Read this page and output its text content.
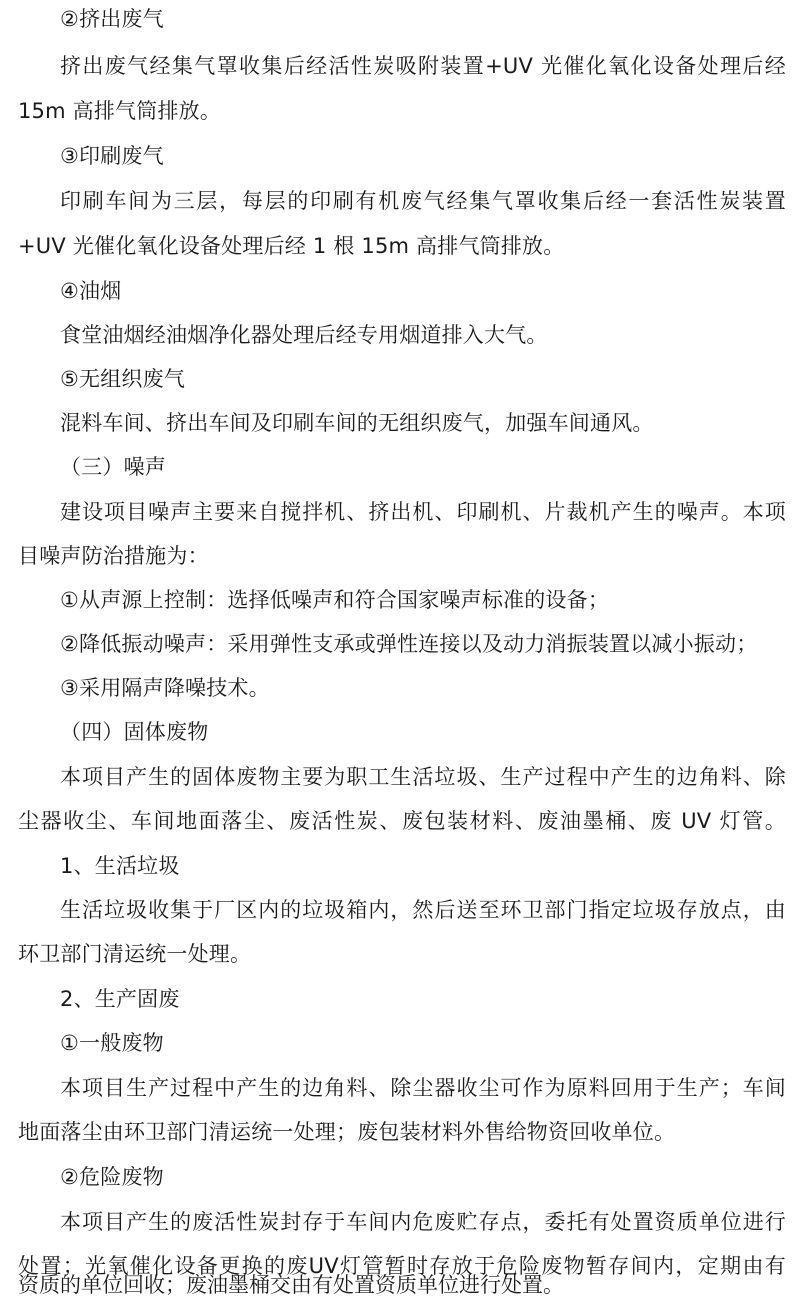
②挤出废气
挤出废气经集气罩收集后经活性炭吸附装置+UV 光催化氧化设备处理后经
15m 高排气筒排放。
③印刷废气
印刷车间为三层，每层的印刷有机废气经集气罩收集后经一套活性炭装置
+UV 光催化氧化设备处理后经 1 根 15m 高排气筒排放。
④油烟
食堂油烟经油烟净化器处理后经专用烟道排入大气。
⑤无组织废气
混料车间、挤出车间及印刷车间的无组织废气，加强车间通风。
（三）噪声
建设项目噪声主要来自搅拌机、挤出机、印刷机、片裁机产生的噪声。本项
目噪声防治措施为：
①从声源上控制：选择低噪声和符合国家噪声标准的设备；
②降低振动噪声：采用弹性支承或弹性连接以及动力消振装置以减小振动；
③采用隔声降噪技术。
（四）固体废物
本项目产生的固体废物主要为职工生活垃圾、生产过程中产生的边角料、除
尘器收尘、车间地面落尘、废活性炭、废包装材料、废油墨桶、废 UV 灯管。
1、生活垃圾
生活垃圾收集于厂区内的垃圾箱内，然后送至环卫部门指定垃圾存放点，由
环卫部门清运统一处理。
2、生产固废
①一般废物
本项目生产过程中产生的边角料、除尘器收尘可作为原料回用于生产；车间
地面落尘由环卫部门清运统一处理；废包装材料外售给物资回收单位。
②危险废物
本项目产生的废活性炭封存于车间内危废贮存点，委托有处置资质单位进行
处置；光氧催化设备更换的废UV灯管暂时存放于危险废物暂存间内，定期由有
资质的单位回收；废油墨桶交由有处置资质单位进行处置。
